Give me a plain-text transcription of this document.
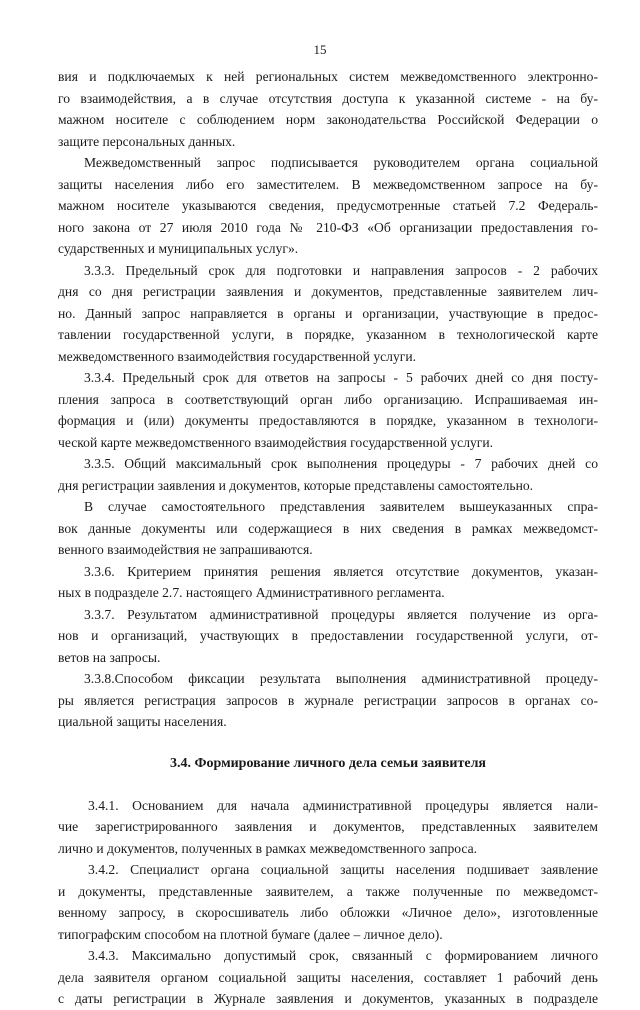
15

вия и подключаемых к ней региональных систем межведомственного электронно-
го взаимодействия, а в случае отсутствия доступа к указанной системе - на бу-
мажном носителе с соблюдением норм законодательства Российской Федерации о
защите персональных данных.

Межведомственный запрос подписывается руководителем органа социальной
защиты населения либо его заместителем. В межведомственном запросе на бу-
мажном носителе указываются сведения, предусмотренные статьей 7.2 Федераль-
ного закона от 27 июля 2010 года № 210-ФЗ «Об организации предоставления го-
сударственных и муниципальных услуг».

3.3.3. Предельный срок для подготовки и направления запросов - 2 рабочих
дня со дня регистрации заявления и документов, представленные заявителем лич-
но. Данный запрос направляется в органы и организации, участвующие в предос-
тавлении государственной услуги, в порядке, указанном в технологической карте
межведомственного взаимодействия государственной услуги.

3.3.4. Предельный срок для ответов на запросы - 5 рабочих дней со дня посту-
пления запроса в соответствующий орган либо организацию. Испрашиваемая ин-
формация и (или) документы предоставляются в порядке, указанном в технологи-
ческой карте межведомственного взаимодействия государственной услуги.

3.3.5. Общий максимальный срок выполнения процедуры - 7 рабочих дней со
дня регистрации заявления и документов, которые представлены самостоятельно.

В случае самостоятельного представления заявителем вышеуказанных спра-
вок данные документы или содержащиеся в них сведения в рамках межведомст-
венного взаимодействия не запрашиваются.

3.3.6. Критерием принятия решения является отсутствие документов, указан-
ных в подразделе 2.7. настоящего Административного регламента.

3.3.7. Результатом административной процедуры является получение из орга-
нов и организаций, участвующих в предоставлении государственной услуги, от-
ветов на запросы.

3.3.8.Способом фиксации результата выполнения административной процеду-
ры является регистрация запросов в журнале регистрации запросов в органах со-
циальной защиты населения.

3.4. Формирование личного дела семьи заявителя

3.4.1. Основанием для начала административной процедуры является нали-
чие зарегистрированного заявления и документов, представленных заявителем
лично и документов, полученных в рамках межведомственного запроса.

3.4.2. Специалист органа социальной защиты населения подшивает заявление
и документы, представленные заявителем, а также полученные по межведомст-
венному запросу, в скоросшиватель либо обложки «Личное дело», изготовленные
типографским способом на плотной бумаге (далее – личное дело).

3.4.3. Максимально допустимый срок, связанный с формированием личного
дела заявителя органом социальной защиты населения, составляет 1 рабочий день
с даты регистрации в Журнале заявления и документов, указанных в подразделе
